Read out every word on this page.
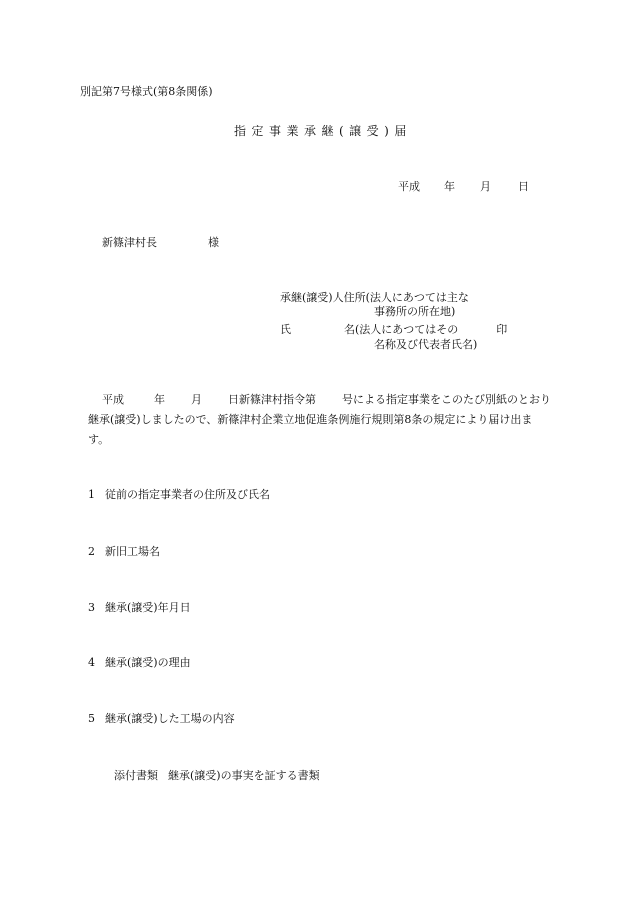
別記第7号様式(第8条関係)
指定事業承継(譲受)届
平成 年 月 日
新篠津村長	様
承継(譲受)人住所(法人にあつては主な
事務所の所在地)
氏	名(法人にあつてはその	印
名称及び代表者氏名)
平成	年 月 日新篠津村指令第 号による指定事業をこのたび別紙のとおり継承(譲受)しましたので、新篠津村企業立地促進条例施行規則第8条の規定により届け出ます。
1 従前の指定事業者の住所及び氏名
2 新旧工場名
3 継承(譲受)年月日
4 継承(譲受)の理由
5 継承(譲受)した工場の内容
添付書類 継承(譲受)の事実を証する書類
